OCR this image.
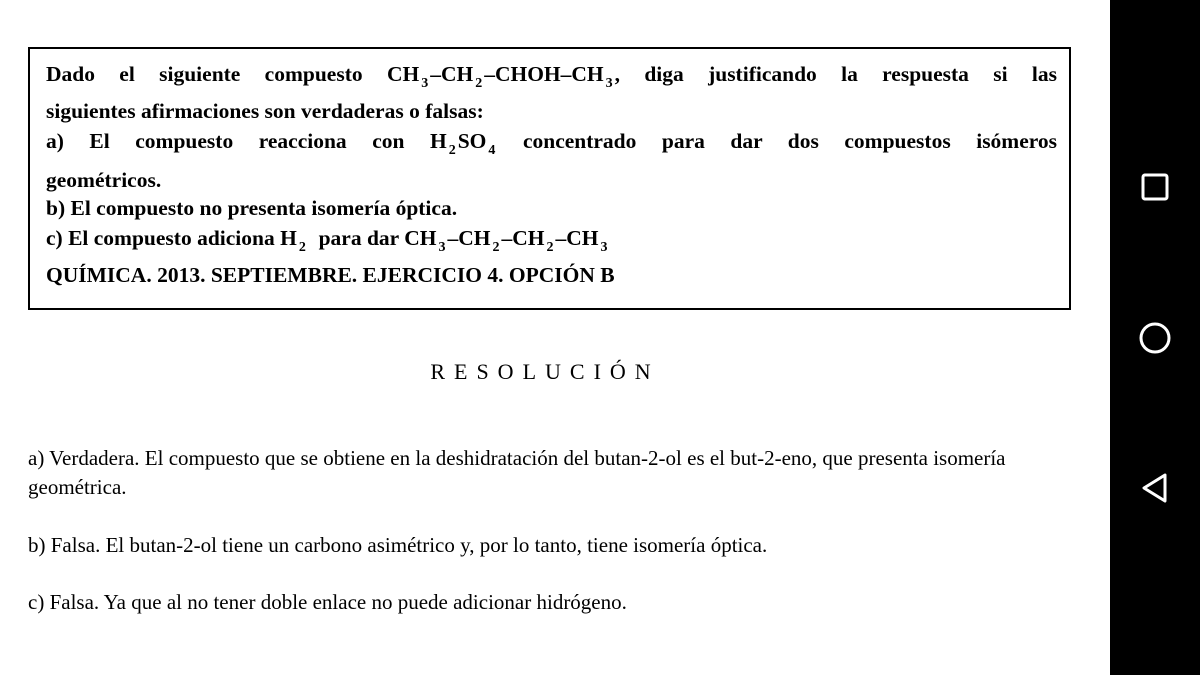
Dado el siguiente compuesto CH $_3$–CH $_2$–CHOH–CH $_3$, diga justificando la respuesta si las
siguientes afirmaciones son verdaderas o falsas:
a) El compuesto reacciona con H $_2$SO $_4$ concentrado para dar dos compuestos isómeros
geométricos.
b) El compuesto no presenta isomería óptica.
c) El compuesto adiciona H $_2$ para dar CH $_3$–CH $_2$–CH $_2$–CH $_3$
QUÍMICA. 2013. SEPTIEMBRE. EJERCICIO 4. OPCIÓN B
RESOLUCIÓN
a) Verdadera. El compuesto que se obtiene en la deshidratación del butan-2-ol es el but-2-eno, que presenta isomería geométrica.
b) Falsa. El butan-2-ol tiene un carbono asimétrico y, por lo tanto, tiene isomería óptica.
c) Falsa. Ya que al no tener doble enlace no puede adicionar hidrógeno.
